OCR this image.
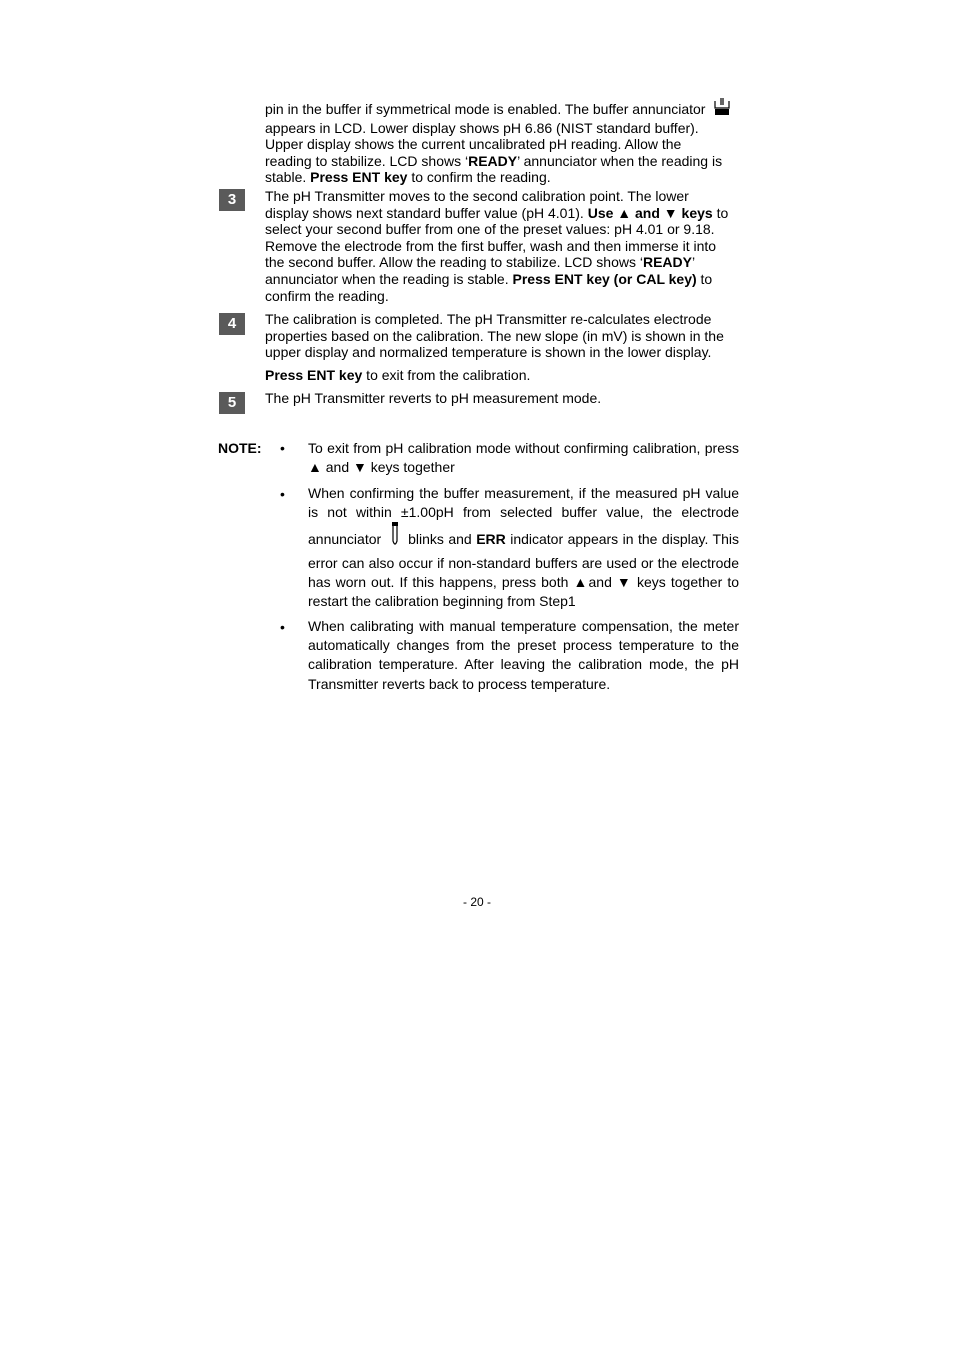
pin in the buffer if symmetrical mode is enabled. The buffer annunciator
appears in LCD. Lower display shows pH 6.86 (NIST standard buffer).
Upper display shows the current uncalibrated pH reading. Allow the
reading to stabilize. LCD shows ‘READY’ annunciator when the reading is
stable. Press ENT key to confirm the reading.
3	The pH Transmitter moves to the second calibration point. The lower
display shows next standard buffer value (pH 4.01). Use ▲ and ▼ keys to
select your second buffer from one of the preset values: pH 4.01 or 9.18.
Remove the electrode from the first buffer, wash and then immerse it into
the second buffer. Allow the reading to stabilize. LCD shows ‘READY’
annunciator when the reading is stable. Press ENT key (or CAL key) to
confirm the reading.
4	The calibration is completed. The pH Transmitter re-calculates electrode
properties based on the calibration. The new slope (in mV) is shown in the
upper display and normalized temperature is shown in the lower display.
Press ENT key to exit from the calibration.
5	The pH Transmitter reverts to pH measurement mode.
NOTE: • To exit from pH calibration mode without confirming calibration, press ▲ and ▼ keys together
• When confirming the buffer measurement, if the measured pH value is not within ±1.00pH from selected buffer value, the electrode annunciator blinks and ERR indicator appears in the display. This error can also occur if non-standard buffers are used or the electrode has worn out. If this happens, press both ▲and ▼ keys together to restart the calibration beginning from Step1
• When calibrating with manual temperature compensation, the meter automatically changes from the preset process temperature to the calibration temperature. After leaving the calibration mode, the pH Transmitter reverts back to process temperature.
- 20 -
